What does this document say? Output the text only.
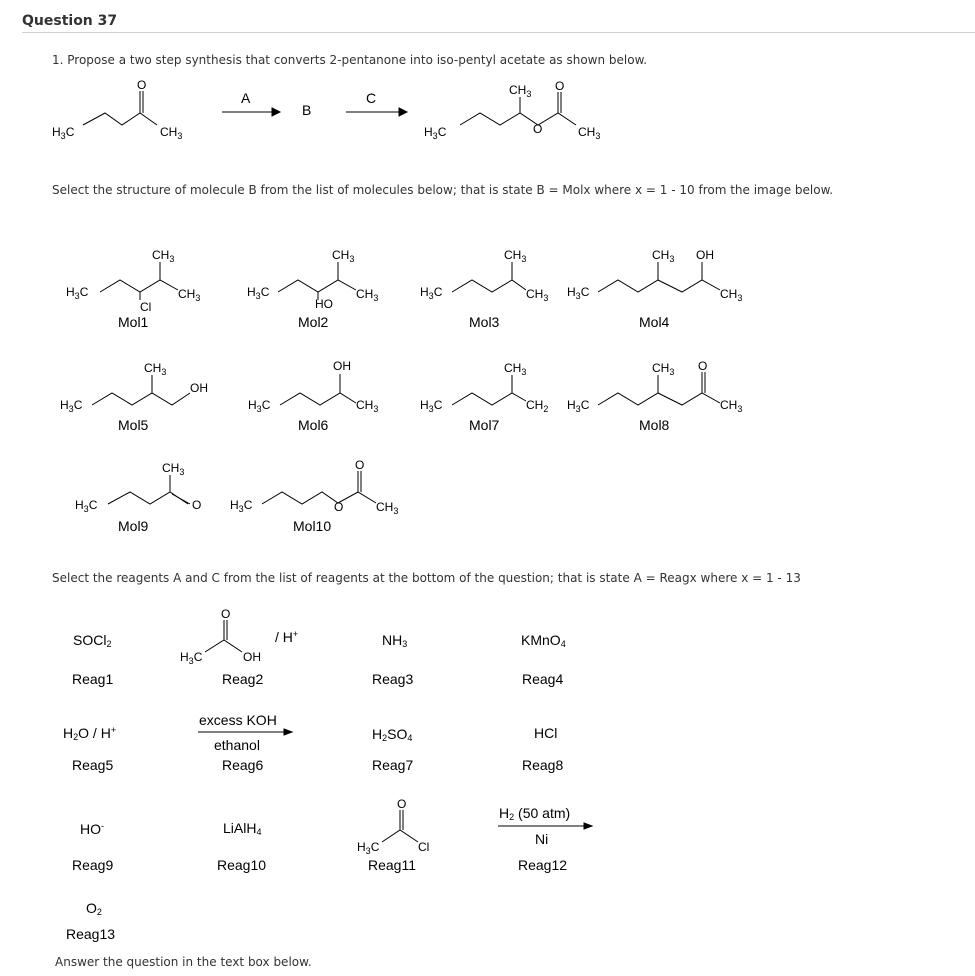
Question 37
1. Propose a two step synthesis that converts 2-pentanone into iso-pentyl acetate as shown below.
O
$H_3C$	$CH_3$
$CH_3$
O
O
$H_3C$	$CH_3$
A
B
C
Select the structure of molecule B from the list of molecules below; that is state B = Molx where x = 1 - 10 from the image below.
$CH_3$
$H_3C$	$CH_3$
Cl
$CH_3$
$H_3C$	$CH_3$
HO
$CH_3$
$H_3C$	$CH_3$
$CH_3$ OH
$H_3C$	$CH_3$
$CH_3$
$H_3C$
OH
OH
$H_3C$	$CH_3$
$CH_3$
$H_3C$	$CH_2$
$CH_3$ O
$H_3C$	$CH_3$
$CH_3$
$H_3C$	O
O
O
$H_3C$	$CH_3$
Mol1	Mol2	Mol3	Mol4
Mol5	Mol6	Mol7	Mol8
Mol9	Mol10
Select the reagents A and C from the list of reagents at the bottom of the question; that is state A = Reagx where x = 1 - 13
O
$H_3C$	OH
O
$H_3C$	Cl
SOCl$_2$
Reag1
/ H+
Reag2
$NH_3$
Reag3
KMnO$_4$
Reag4
$H_2O / H^+$
Reag5
excess KOH
ethanol
Reag6
$H_2SO_4$
Reag7
HCl
Reag8
HO-
Reag9
LiAlH$_4$
Reag10	Reag11
$H_2$ (50 atm)
Ni
Reag12
$O_2$
Reag13
Answer the question in the text box below.
